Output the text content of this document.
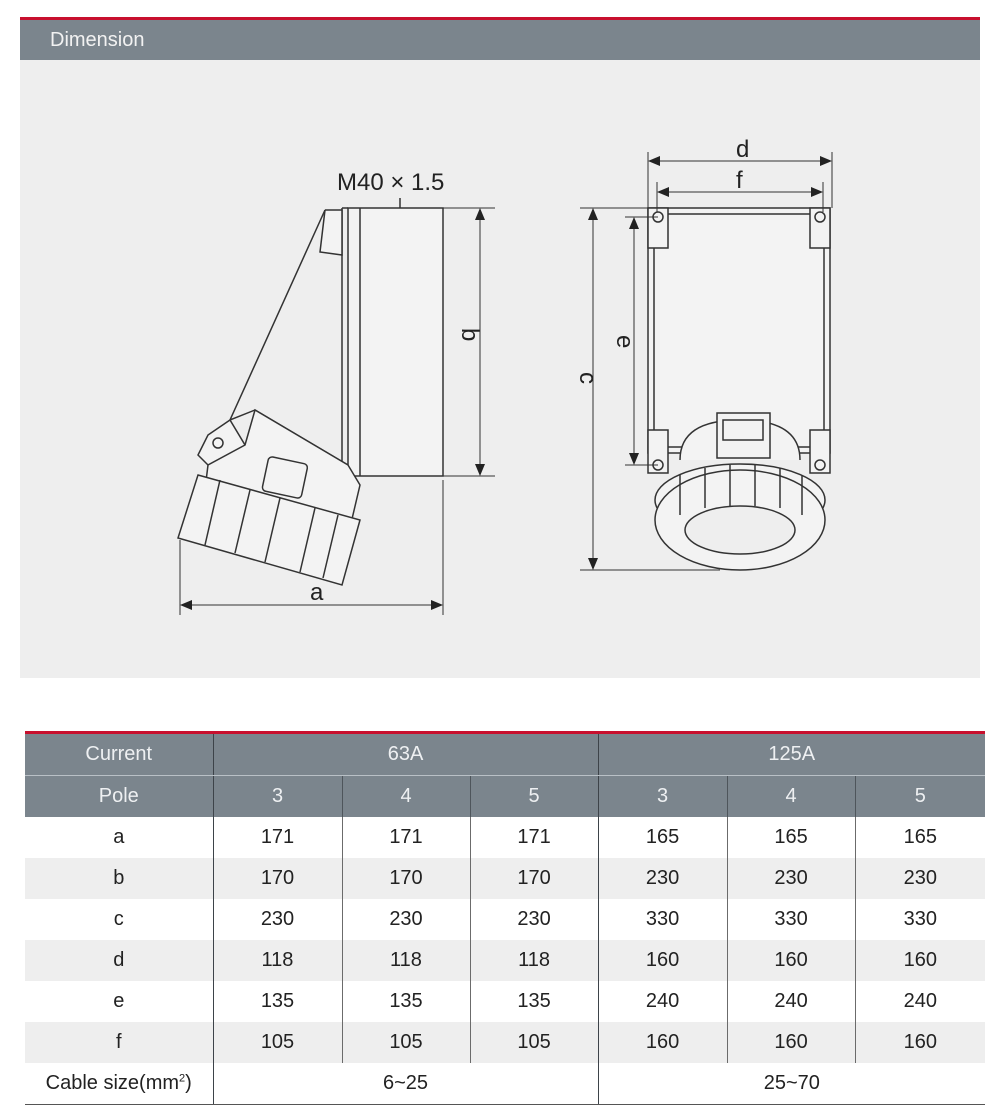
Dimension
M40 × 1.5
a
b
d
f
c
e
Current	63A			125A		
Pole	3	4	5	3	4	5
a	171	171	171	165	165	165
b	170	170	170	230	230	230
c	230	230	230	330	330	330
d	118	118	118	160	160	160
e	135	135	135	240	240	240
f	105	105	105	160	160	160
Cable $size(mm^2)$	6~25			25~70		
